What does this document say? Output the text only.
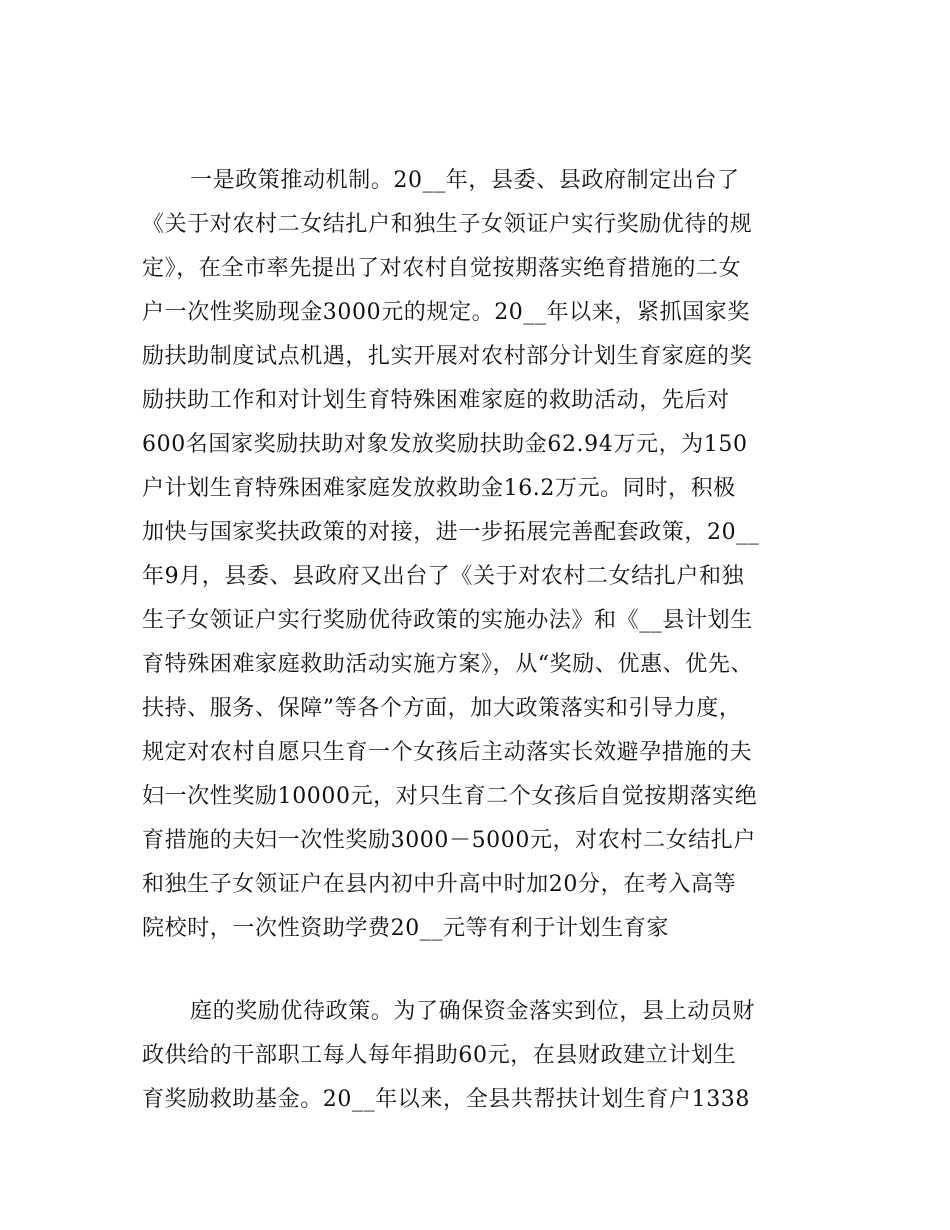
一是政策推动机制。20__年，县委、县政府制定出台了
《关于对农村二女结扎户和独生子女领证户实行奖励优待的规
定》，在全市率先提出了对农村自觉按期落实绝育措施的二女
户一次性奖励现金3000元的规定。20__年以来，紧抓国家奖
励扶助制度试点机遇，扎实开展对农村部分计划生育家庭的奖
励扶助工作和对计划生育特殊困难家庭的救助活动，先后对
600名国家奖励扶助对象发放奖励扶助金62.94万元，为150
户计划生育特殊困难家庭发放救助金16.2万元。同时，积极
加快与国家奖扶政策的对接，进一步拓展完善配套政策，20__
年9月，县委、县政府又出台了《关于对农村二女结扎户和独
生子女领证户实行奖励优待政策的实施办法》和《__县计划生
育特殊困难家庭救助活动实施方案》，从“奖励、优惠、优先、
扶持、服务、保障”等各个方面，加大政策落实和引导力度，
规定对农村自愿只生育一个女孩后主动落实长效避孕措施的夫
妇一次性奖励10000元，对只生育二个女孩后自觉按期落实绝
育措施的夫妇一次性奖励3000－5000元，对农村二女结扎户
和独生子女领证户在县内初中升高中时加20分，在考入高等
院校时，一次性资助学费20__元等有利于计划生育家
庭的奖励优待政策。为了确保资金落实到位，县上动员财
政供给的干部职工每人每年捐助60元，在县财政建立计划生
育奖励救助基金。20__年以来，全县共帮扶计划生育户1338
